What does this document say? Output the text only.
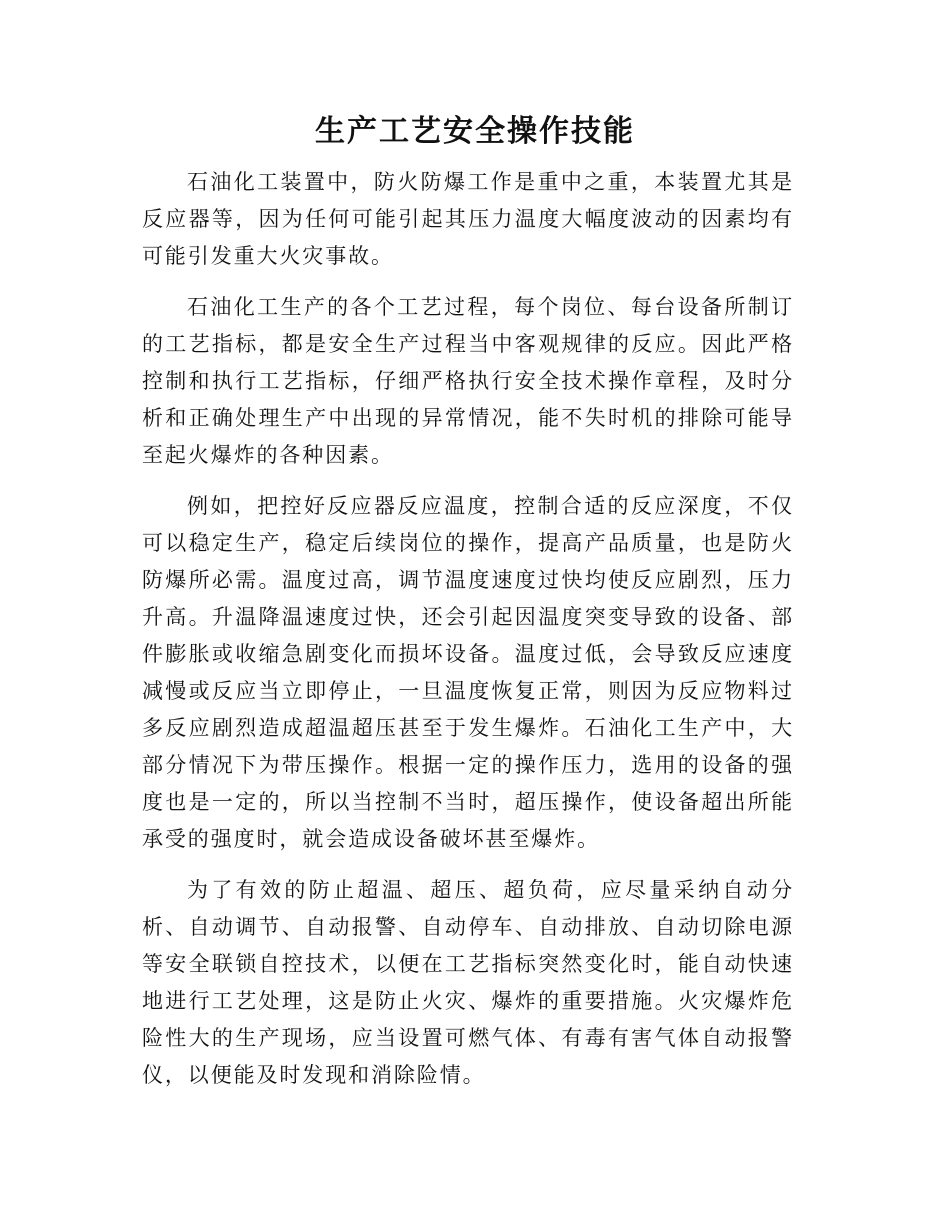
生产工艺安全操作技能

石油化工装置中，防火防爆工作是重中之重，本装置尤其是反应器等，因为任何可能引起其压力温度大幅度波动的因素均有可能引发重大火灾事故。

石油化工生产的各个工艺过程，每个岗位、每台设备所制订的工艺指标，都是安全生产过程当中客观规律的反应。因此严格控制和执行工艺指标，仔细严格执行安全技术操作章程，及时分析和正确处理生产中出现的异常情况，能不失时机的排除可能导至起火爆炸的各种因素。

例如，把控好反应器反应温度，控制合适的反应深度，不仅可以稳定生产，稳定后续岗位的操作，提高产品质量，也是防火防爆所必需。温度过高，调节温度速度过快均使反应剧烈，压力升高。升温降温速度过快，还会引起因温度突变导致的设备、部件膨胀或收缩急剧变化而损坏设备。温度过低，会导致反应速度减慢或反应当立即停止，一旦温度恢复正常，则因为反应物料过多反应剧烈造成超温超压甚至于发生爆炸。石油化工生产中，大部分情况下为带压操作。根据一定的操作压力，选用的设备的强度也是一定的，所以当控制不当时，超压操作，使设备超出所能承受的强度时，就会造成设备破坏甚至爆炸。

为了有效的防止超温、超压、超负荷，应尽量采纳自动分析、自动调节、自动报警、自动停车、自动排放、自动切除电源等安全联锁自控技术，以便在工艺指标突然变化时，能自动快速地进行工艺处理，这是防止火灾、爆炸的重要措施。火灾爆炸危险性大的生产现场，应当设置可燃气体、有毒有害气体自动报警仪，以便能及时发现和消除险情。
